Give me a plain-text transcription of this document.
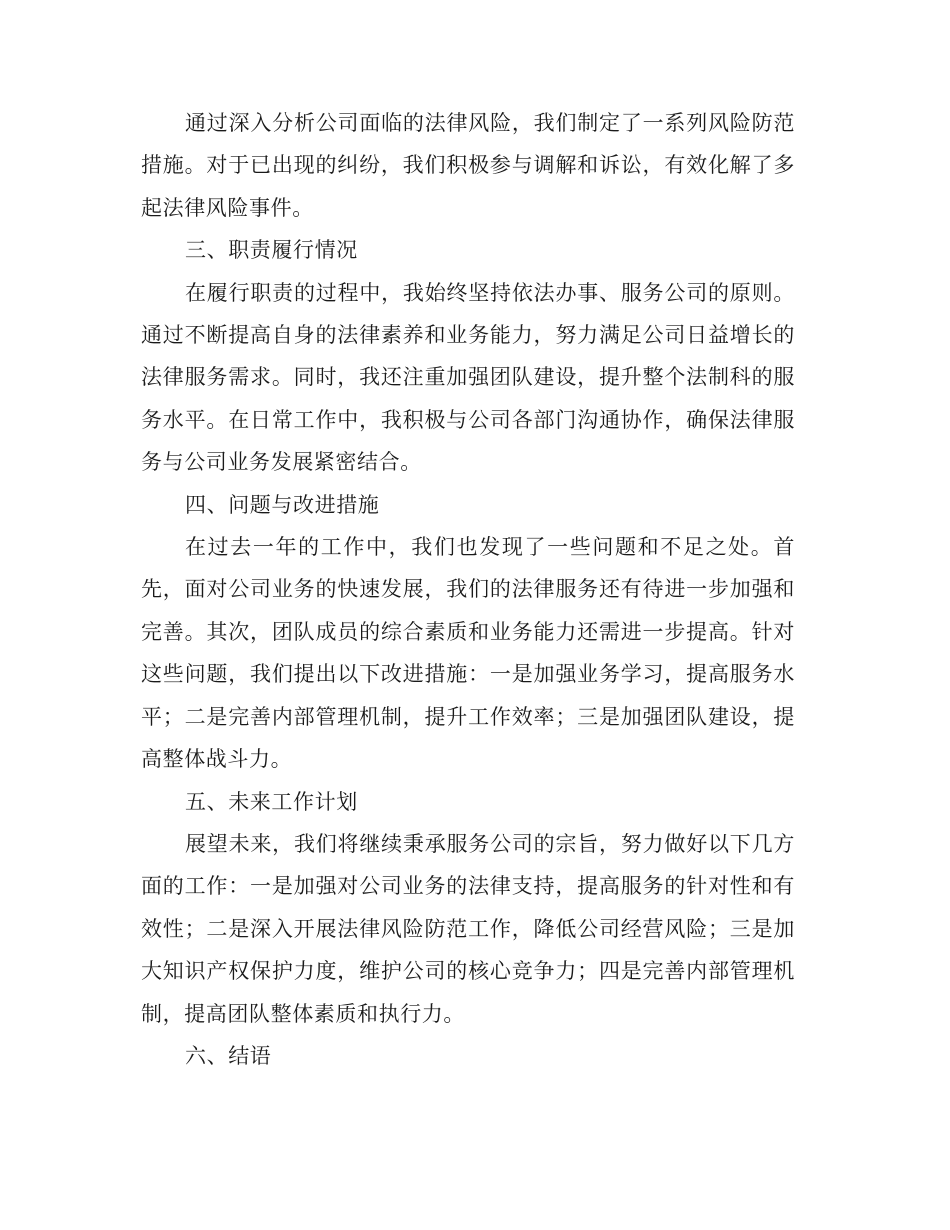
通过深入分析公司面临的法律风险，我们制定了一系列风险防范措施。对于已出现的纠纷，我们积极参与调解和诉讼，有效化解了多起法律风险事件。

三、职责履行情况

在履行职责的过程中，我始终坚持依法办事、服务公司的原则。通过不断提高自身的法律素养和业务能力，努力满足公司日益增长的法律服务需求。同时，我还注重加强团队建设，提升整个法制科的服务水平。在日常工作中，我积极与公司各部门沟通协作，确保法律服务与公司业务发展紧密结合。

四、问题与改进措施

在过去一年的工作中，我们也发现了一些问题和不足之处。首先，面对公司业务的快速发展，我们的法律服务还有待进一步加强和完善。其次，团队成员的综合素质和业务能力还需进一步提高。针对这些问题，我们提出以下改进措施：一是加强业务学习，提高服务水平；二是完善内部管理机制，提升工作效率；三是加强团队建设，提高整体战斗力。

五、未来工作计划

展望未来，我们将继续秉承服务公司的宗旨，努力做好以下几方面的工作：一是加强对公司业务的法律支持，提高服务的针对性和有效性；二是深入开展法律风险防范工作，降低公司经营风险；三是加大知识产权保护力度，维护公司的核心竞争力；四是完善内部管理机制，提高团队整体素质和执行力。

六、结语
